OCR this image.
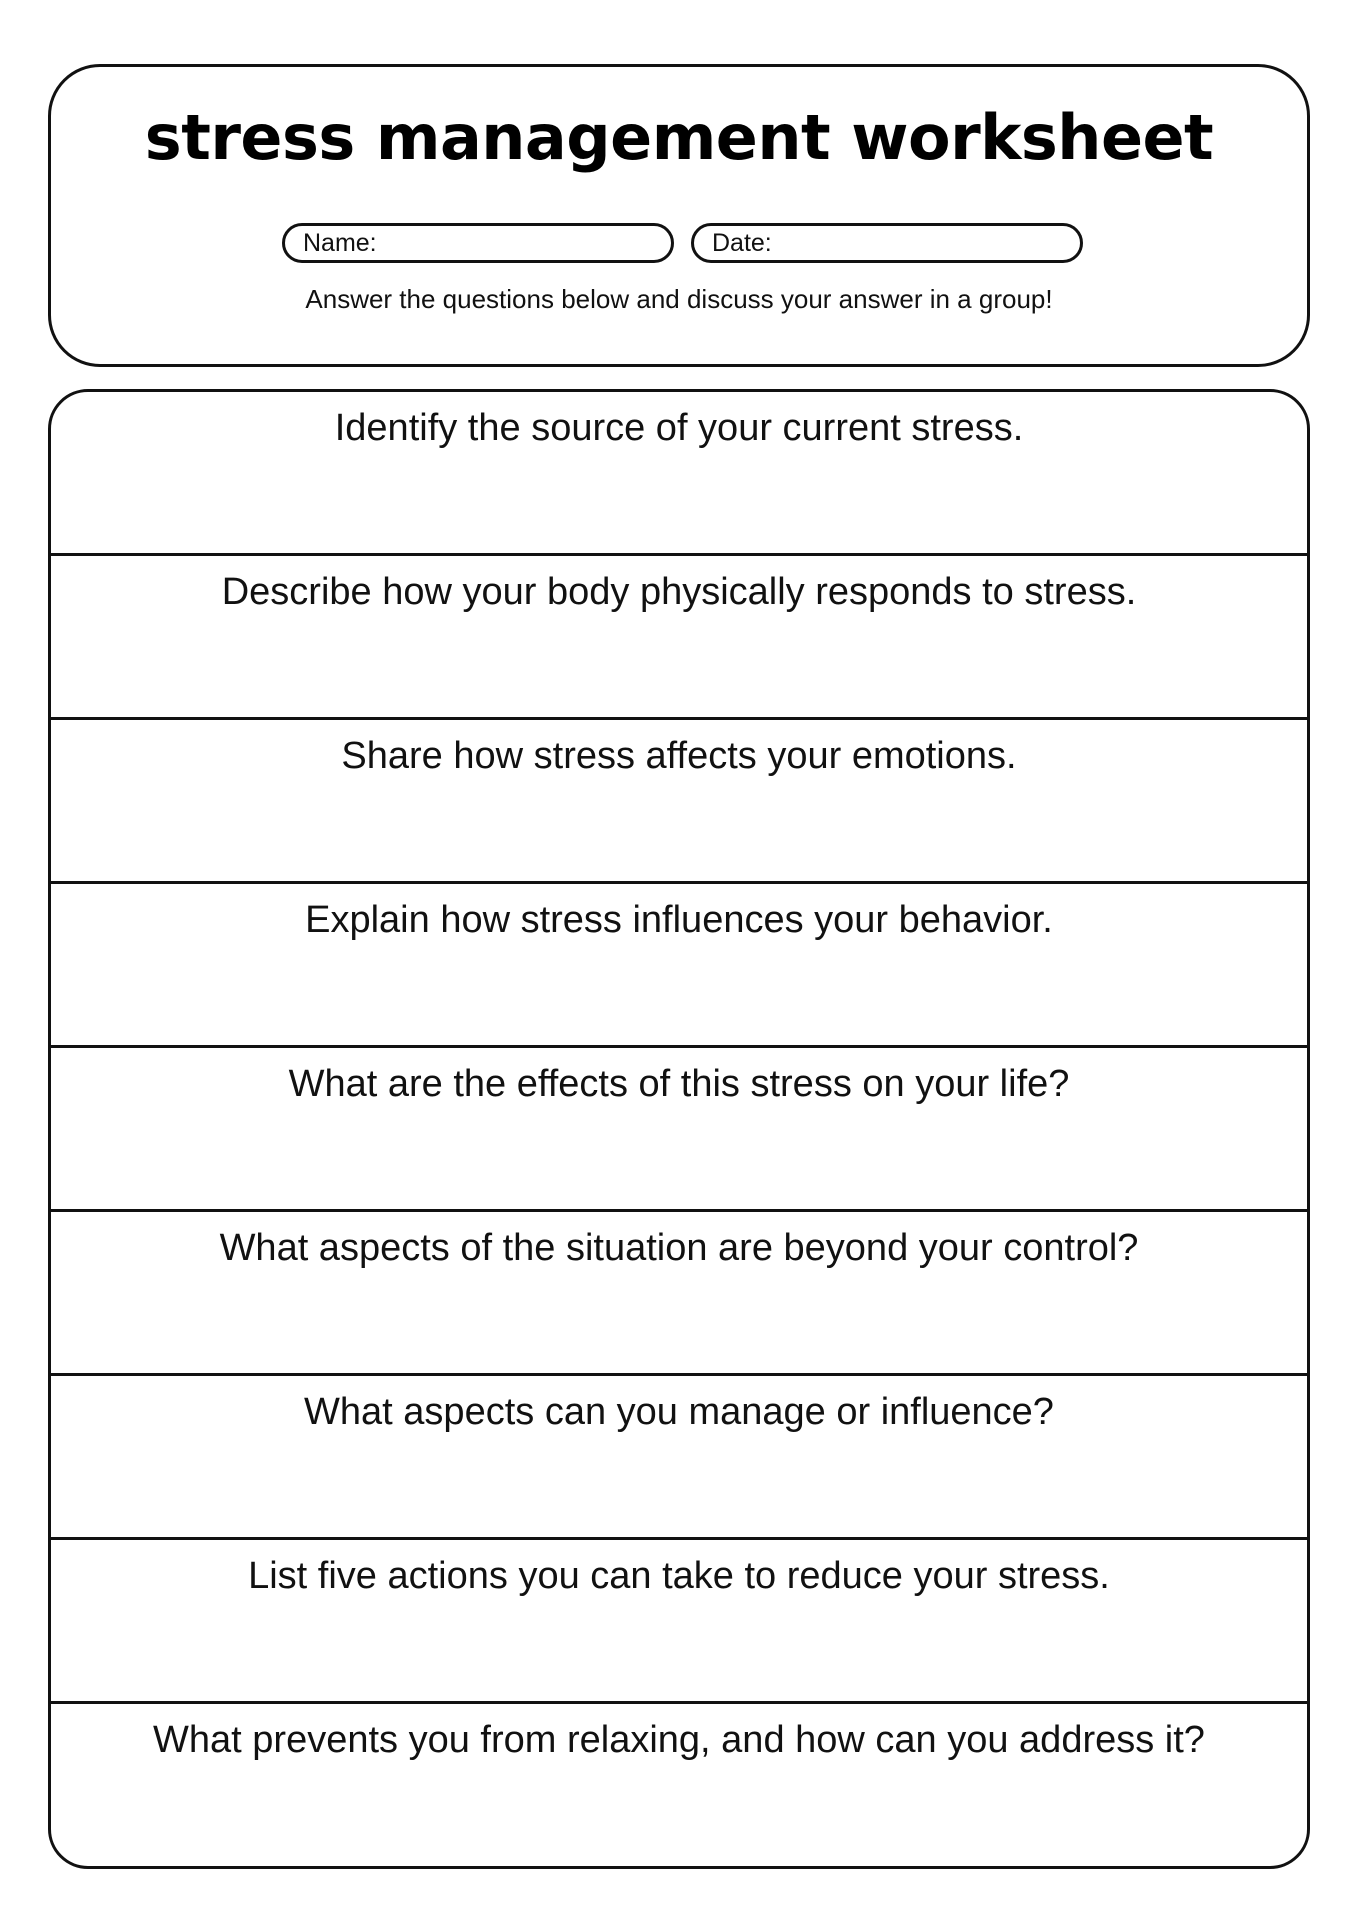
stress management worksheet
Name:	Date:
Answer the questions below and discuss your answer in a group!
Identify the source of your current stress.
Describe how your body physically responds to stress.
Share how stress affects your emotions.
Explain how stress influences your behavior.
What are the effects of this stress on your life?
What aspects of the situation are beyond your control?
What aspects can you manage or influence?
List five actions you can take to reduce your stress.
What prevents you from relaxing, and how can you address it?
